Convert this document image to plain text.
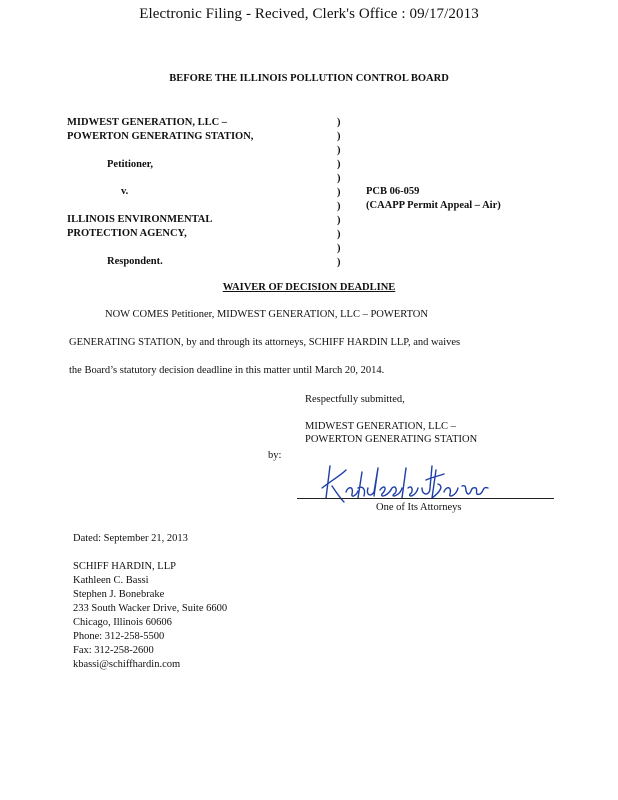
Electronic Filing - Recived, Clerk's Office : 09/17/2013
BEFORE THE ILLINOIS POLLUTION CONTROL BOARD
MIDWEST GENERATION, LLC –
POWERTON GENERATING STATION,
Petitioner,
v.
ILLINOIS ENVIRONMENTAL
PROTECTION AGENCY,
Respondent.
)
)
)
)
)
)
)
)
)
)
)
PCB 06-059
(CAAPP Permit Appeal – Air)
WAIVER OF DECISION DEADLINE
NOW COMES Petitioner, MIDWEST GENERATION, LLC – POWERTON
GENERATING STATION, by and through its attorneys, SCHIFF HARDIN LLP, and waives
the Board’s statutory decision deadline in this matter until March 20, 2014.
Respectfully submitted,
MIDWEST GENERATION, LLC –
POWERTON GENERATING STATION
by:
One of Its Attorneys
Dated: September 21, 2013
SCHIFF HARDIN, LLP
Kathleen C. Bassi
Stephen J. Bonebrake
233 South Wacker Drive, Suite 6600
Chicago, Illinois 60606
Phone: 312-258-5500
Fax: 312-258-2600
kbassi@schiffhardin.com
